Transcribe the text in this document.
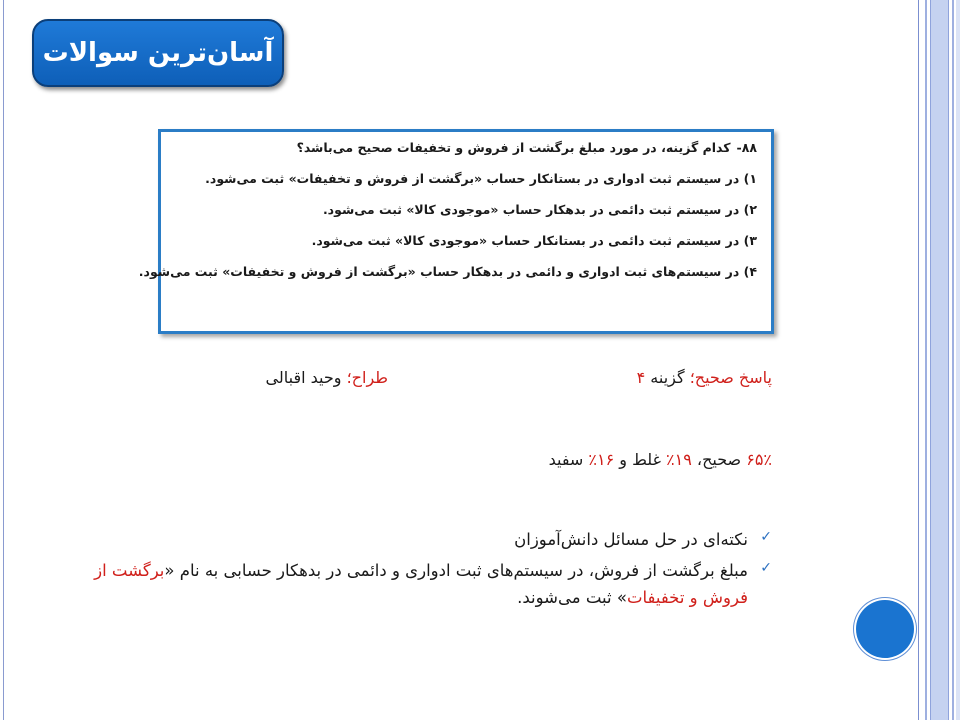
آسان‌ترین سوالات
۸۸-
کدام گزینه، در مورد مبلغ برگشت از فروش و تخفیفات صحیح می‌باشد؟
۱) در سیستم ثبت ادواری در بستانکار حساب «برگشت از فروش و تخفیفات» ثبت می‌شود.
۲) در سیستم ثبت دائمی در بدهکار حساب «موجودی کالا» ثبت می‌شود.
۳) در سیستم ثبت دائمی در بستانکار حساب «موجودی کالا» ثبت می‌شود.
۴) در سیستم‌های ثبت ادواری و دائمی در بدهکار حساب «برگشت از فروش و تخفیفات» ثبت می‌شود.
پاسخ صحیح؛ گزینه ۴
طراح؛ وحید اقبالی
۶۵٪ صحیح، ۱۹٪ غلط و ۱۶٪ سفید
✓
نکته‌ای در حل مسائل دانش‌آموزان
✓
مبلغ برگشت از فروش، در سیستم‌های ثبت ادواری و دائمی در بدهکار حسابی به نام «برگشت از فروش و تخفیفات» ثبت می‌شوند.
